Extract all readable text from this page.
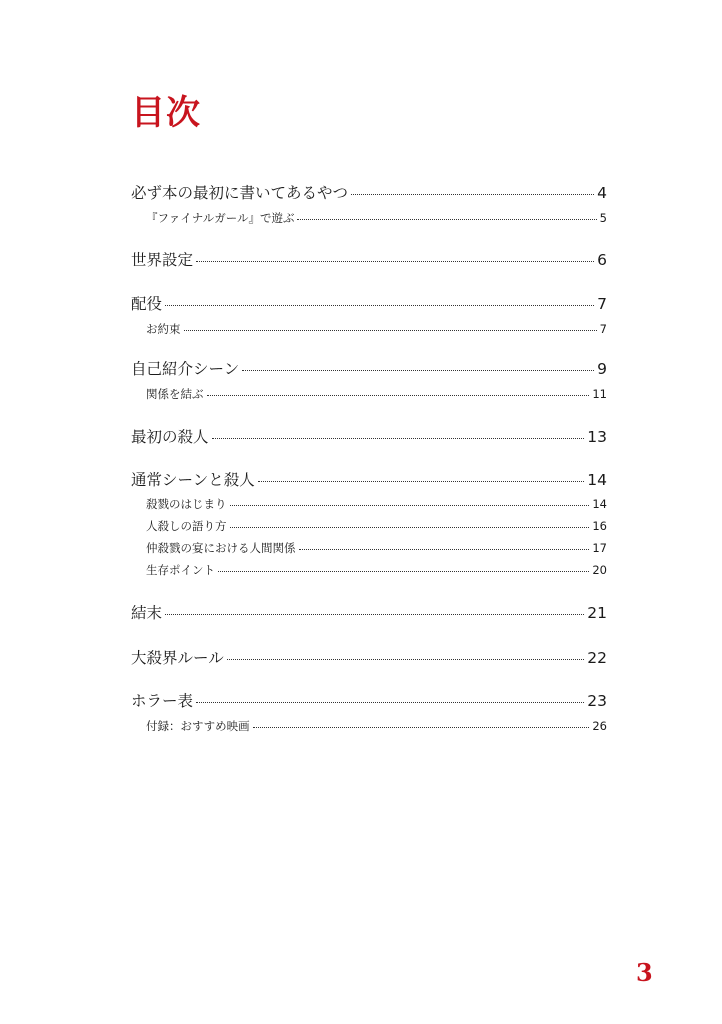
目次
必ず本の最初に書いてあるやつ	4
『ファイナルガール』で遊ぶ	5
世界設定	6
配役	7
お約束	7
自己紹介シーン	9
関係を結ぶ	11
最初の殺人	13
通常シーンと殺人	14
殺戮のはじまり	14
人殺しの語り方	16
仲殺戮の宴における人間関係	17
生存ポイント	20
結末	21
大殺界ルール	22
ホラー表	23
付録：おすすめ映画	26
3
